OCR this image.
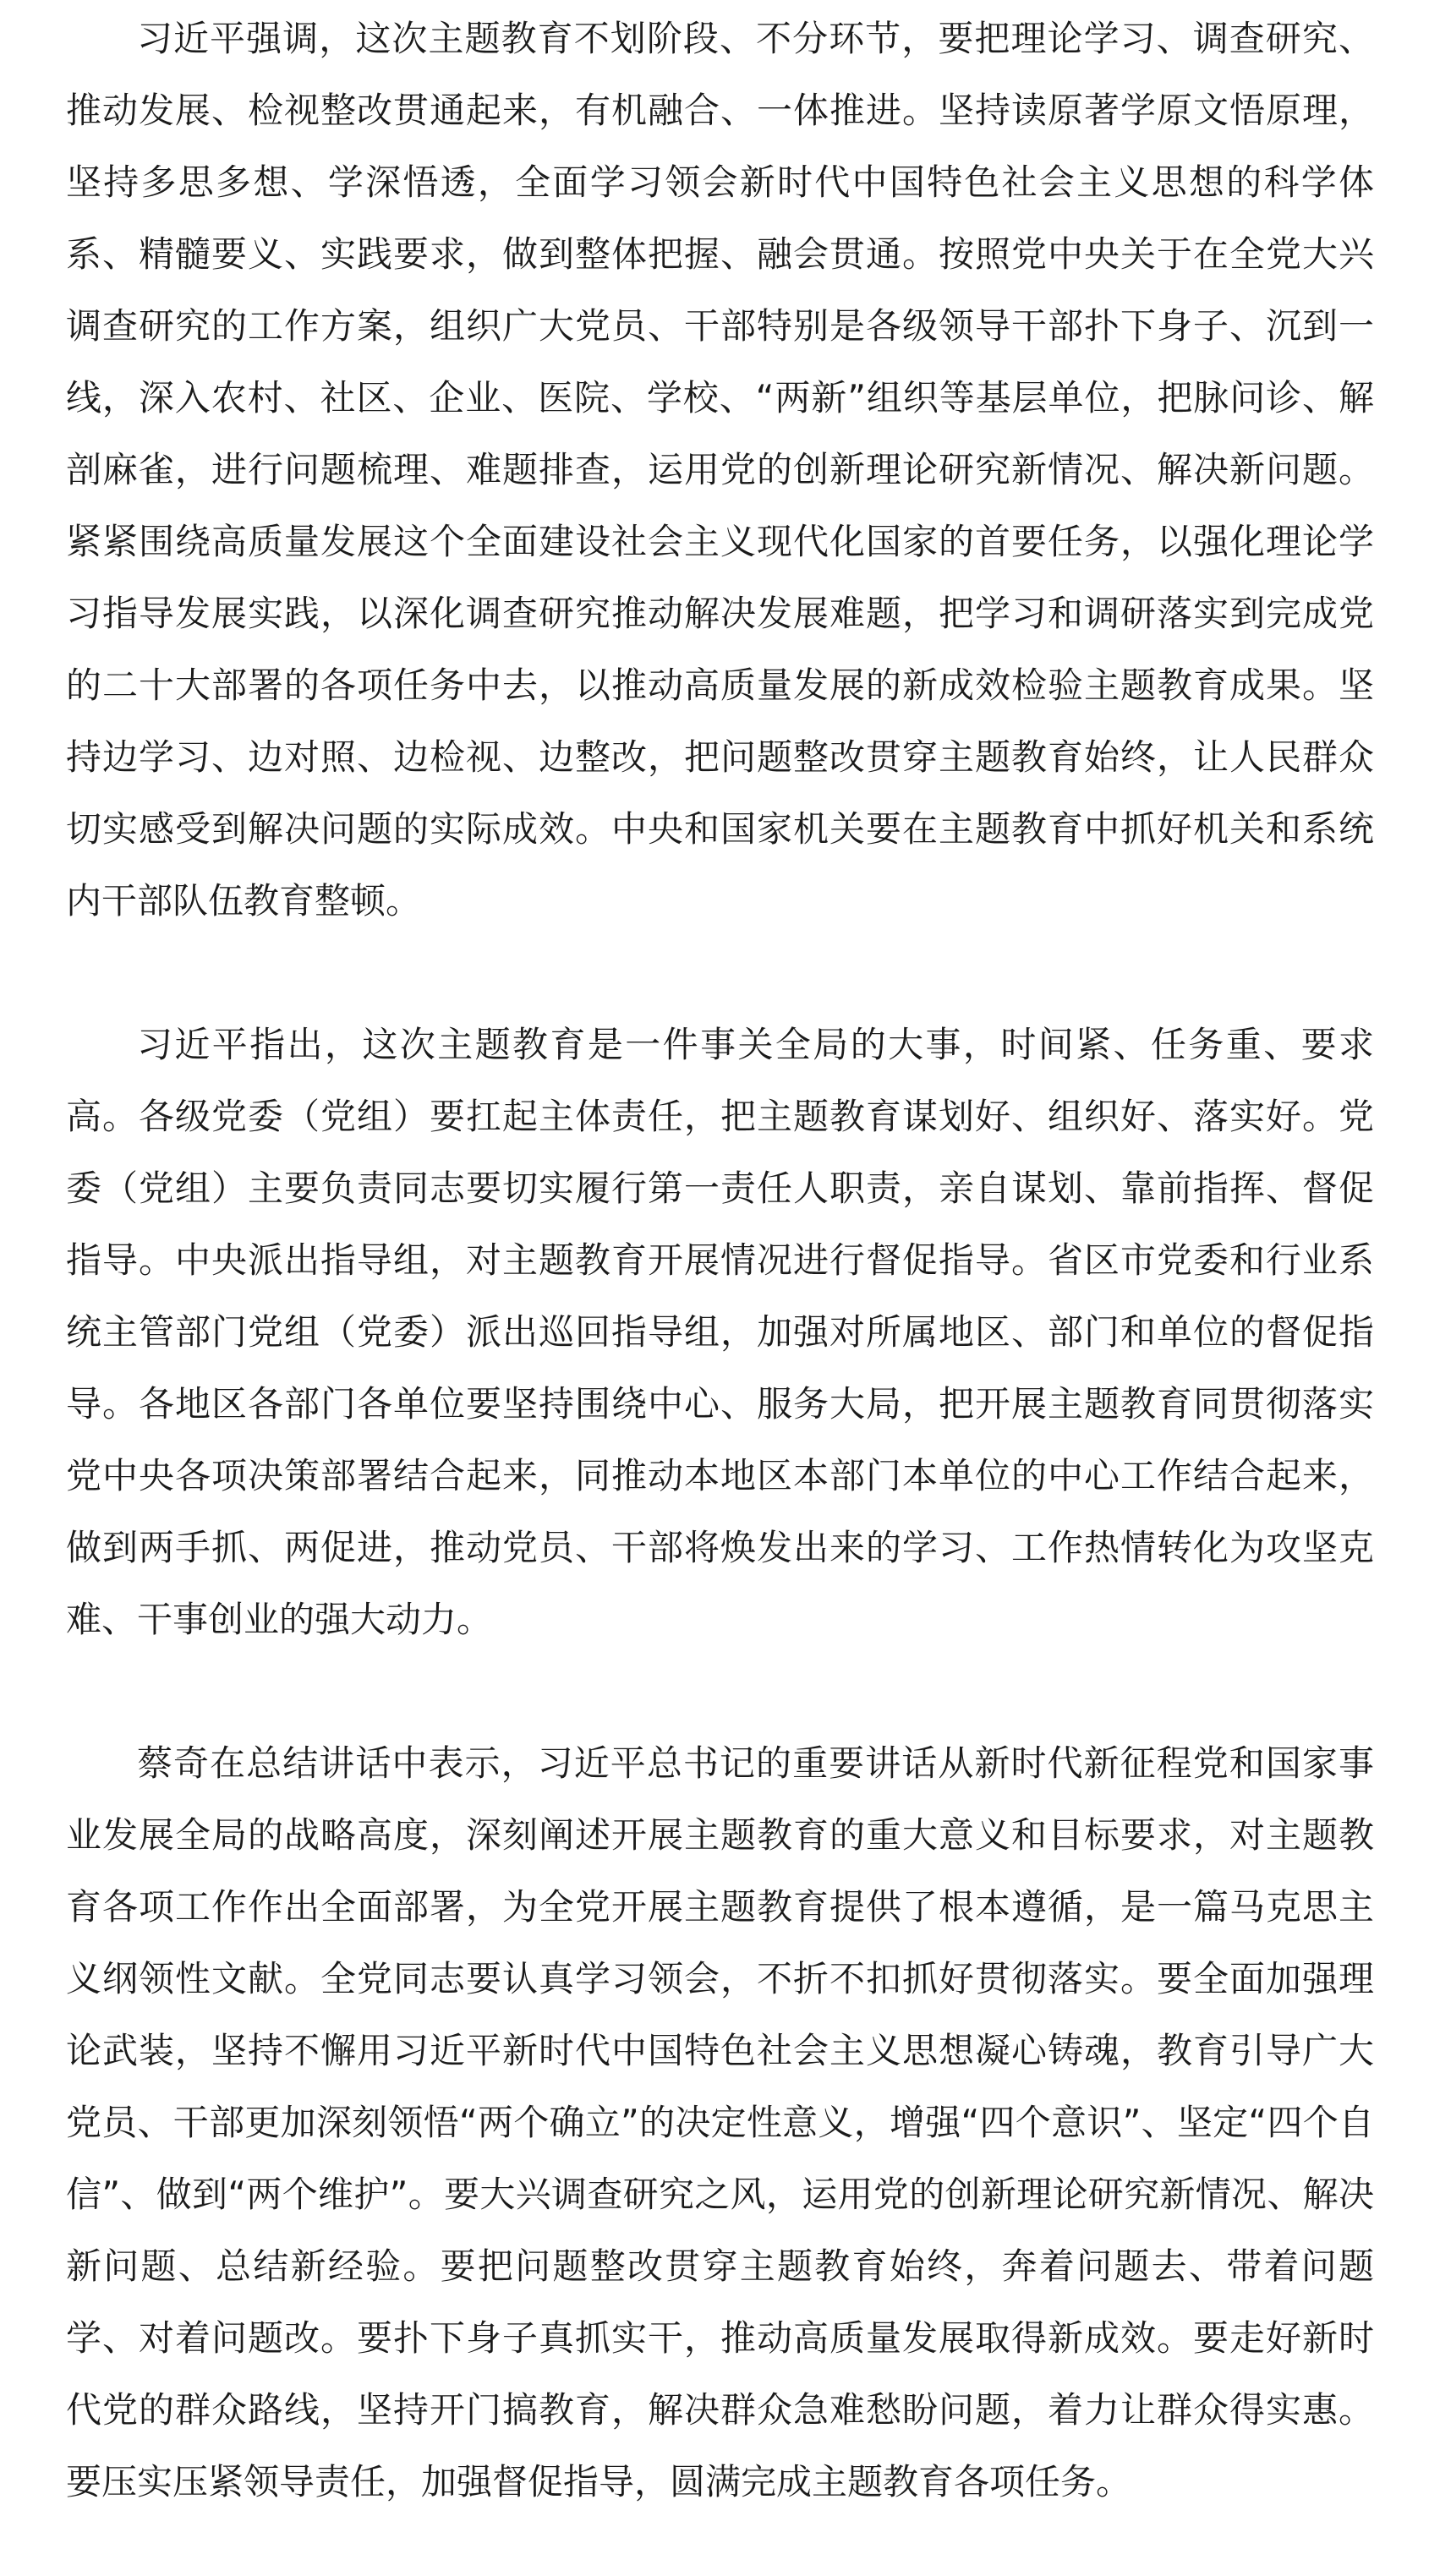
习近平强调，这次主题教育不划阶段、不分环节，要把理论学习、调查研究、推动发展、检视整改贯通起来，有机融合、一体推进。坚持读原著学原文悟原理，坚持多思多想、学深悟透，全面学习领会新时代中国特色社会主义思想的科学体系、精髓要义、实践要求，做到整体把握、融会贯通。按照党中央关于在全党大兴调查研究的工作方案，组织广大党员、干部特别是各级领导干部扑下身子、沉到一线，深入农村、社区、企业、医院、学校、“两新”组织等基层单位，把脉问诊、解剖麻雀，进行问题梳理、难题排查，运用党的创新理论研究新情况、解决新问题。紧紧围绕高质量发展这个全面建设社会主义现代化国家的首要任务，以强化理论学习指导发展实践，以深化调查研究推动解决发展难题，把学习和调研落实到完成党的二十大部署的各项任务中去，以推动高质量发展的新成效检验主题教育成果。坚持边学习、边对照、边检视、边整改，把问题整改贯穿主题教育始终，让人民群众切实感受到解决问题的实际成效。中央和国家机关要在主题教育中抓好机关和系统内干部队伍教育整顿。

习近平指出，这次主题教育是一件事关全局的大事，时间紧、任务重、要求高。各级党委（党组）要扛起主体责任，把主题教育谋划好、组织好、落实好。党委（党组）主要负责同志要切实履行第一责任人职责，亲自谋划、靠前指挥、督促指导。中央派出指导组，对主题教育开展情况进行督促指导。省区市党委和行业系统主管部门党组（党委）派出巡回指导组，加强对所属地区、部门和单位的督促指导。各地区各部门各单位要坚持围绕中心、服务大局，把开展主题教育同贯彻落实党中央各项决策部署结合起来，同推动本地区本部门本单位的中心工作结合起来，做到两手抓、两促进，推动党员、干部将焕发出来的学习、工作热情转化为攻坚克难、干事创业的强大动力。

蔡奇在总结讲话中表示，习近平总书记的重要讲话从新时代新征程党和国家事业发展全局的战略高度，深刻阐述开展主题教育的重大意义和目标要求，对主题教育各项工作作出全面部署，为全党开展主题教育提供了根本遵循，是一篇马克思主义纲领性文献。全党同志要认真学习领会，不折不扣抓好贯彻落实。要全面加强理论武装，坚持不懈用习近平新时代中国特色社会主义思想凝心铸魂，教育引导广大党员、干部更加深刻领悟“两个确立”的决定性意义，增强“四个意识”、坚定“四个自信”、做到“两个维护”。要大兴调查研究之风，运用党的创新理论研究新情况、解决新问题、总结新经验。要把问题整改贯穿主题教育始终，奔着问题去、带着问题学、对着问题改。要扑下身子真抓实干，推动高质量发展取得新成效。要走好新时代党的群众路线，坚持开门搞教育，解决群众急难愁盼问题，着力让群众得实惠。要压实压紧领导责任，加强督促指导，圆满完成主题教育各项任务。
